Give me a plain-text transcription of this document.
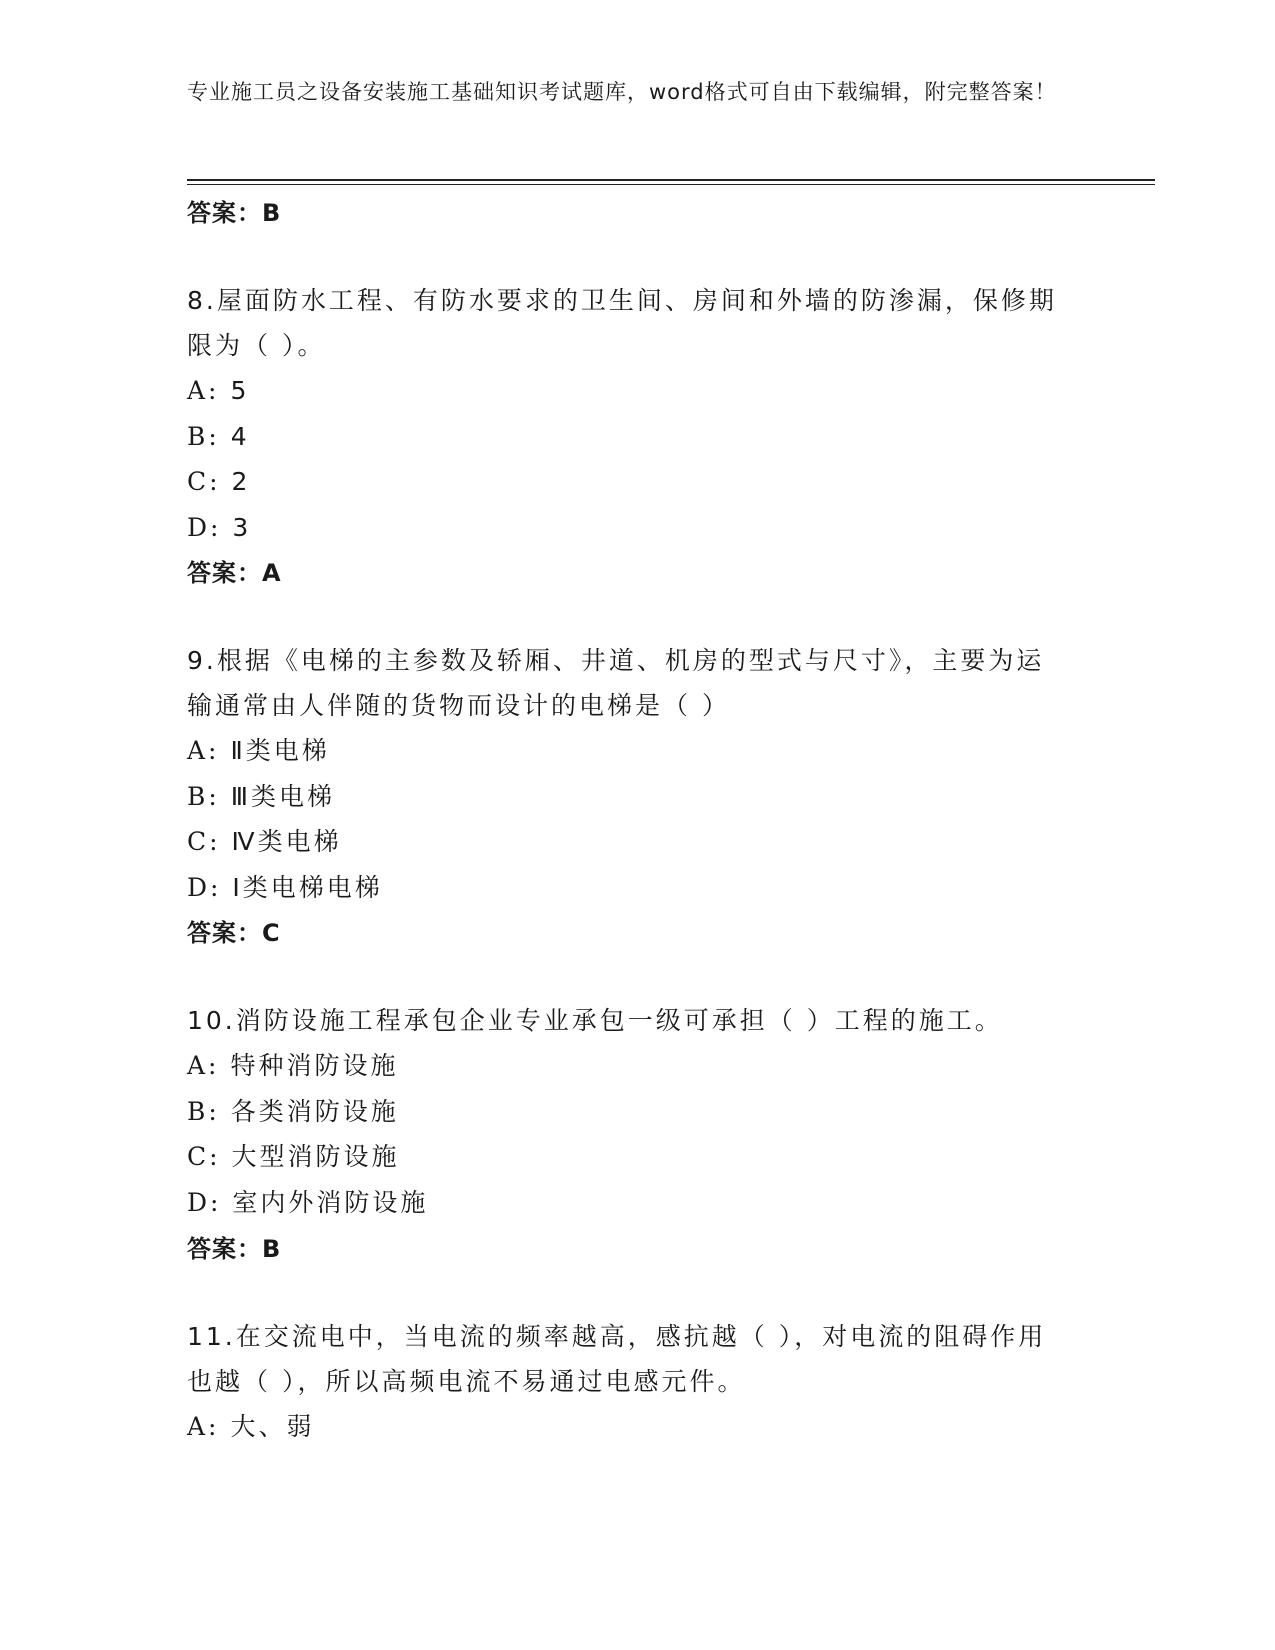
专业施工员之设备安装施工基础知识考试题库，word格式可自由下载编辑，附完整答案！
答案：B
8.屋面防水工程、有防水要求的卫生间、房间和外墙的防渗漏，保修期限为（ ）。
A: 5
B: 4
C: 2
D: 3
答案：A
9.根据《电梯的主参数及轿厢、井道、机房的型式与尺寸》，主要为运输通常由人伴随的货物而设计的电梯是（ ）
A: Ⅱ类电梯
B: Ⅲ类电梯
C: Ⅳ类电梯
D: Ⅰ类电梯电梯
答案：C
10.消防设施工程承包企业专业承包一级可承担（ ）工程的施工。
A: 特种消防设施
B: 各类消防设施
C: 大型消防设施
D: 室内外消防设施
答案：B
11.在交流电中，当电流的频率越高，感抗越（ ），对电流的阻碍作用也越（ ），所以高频电流不易通过电感元件。
A: 大、弱
